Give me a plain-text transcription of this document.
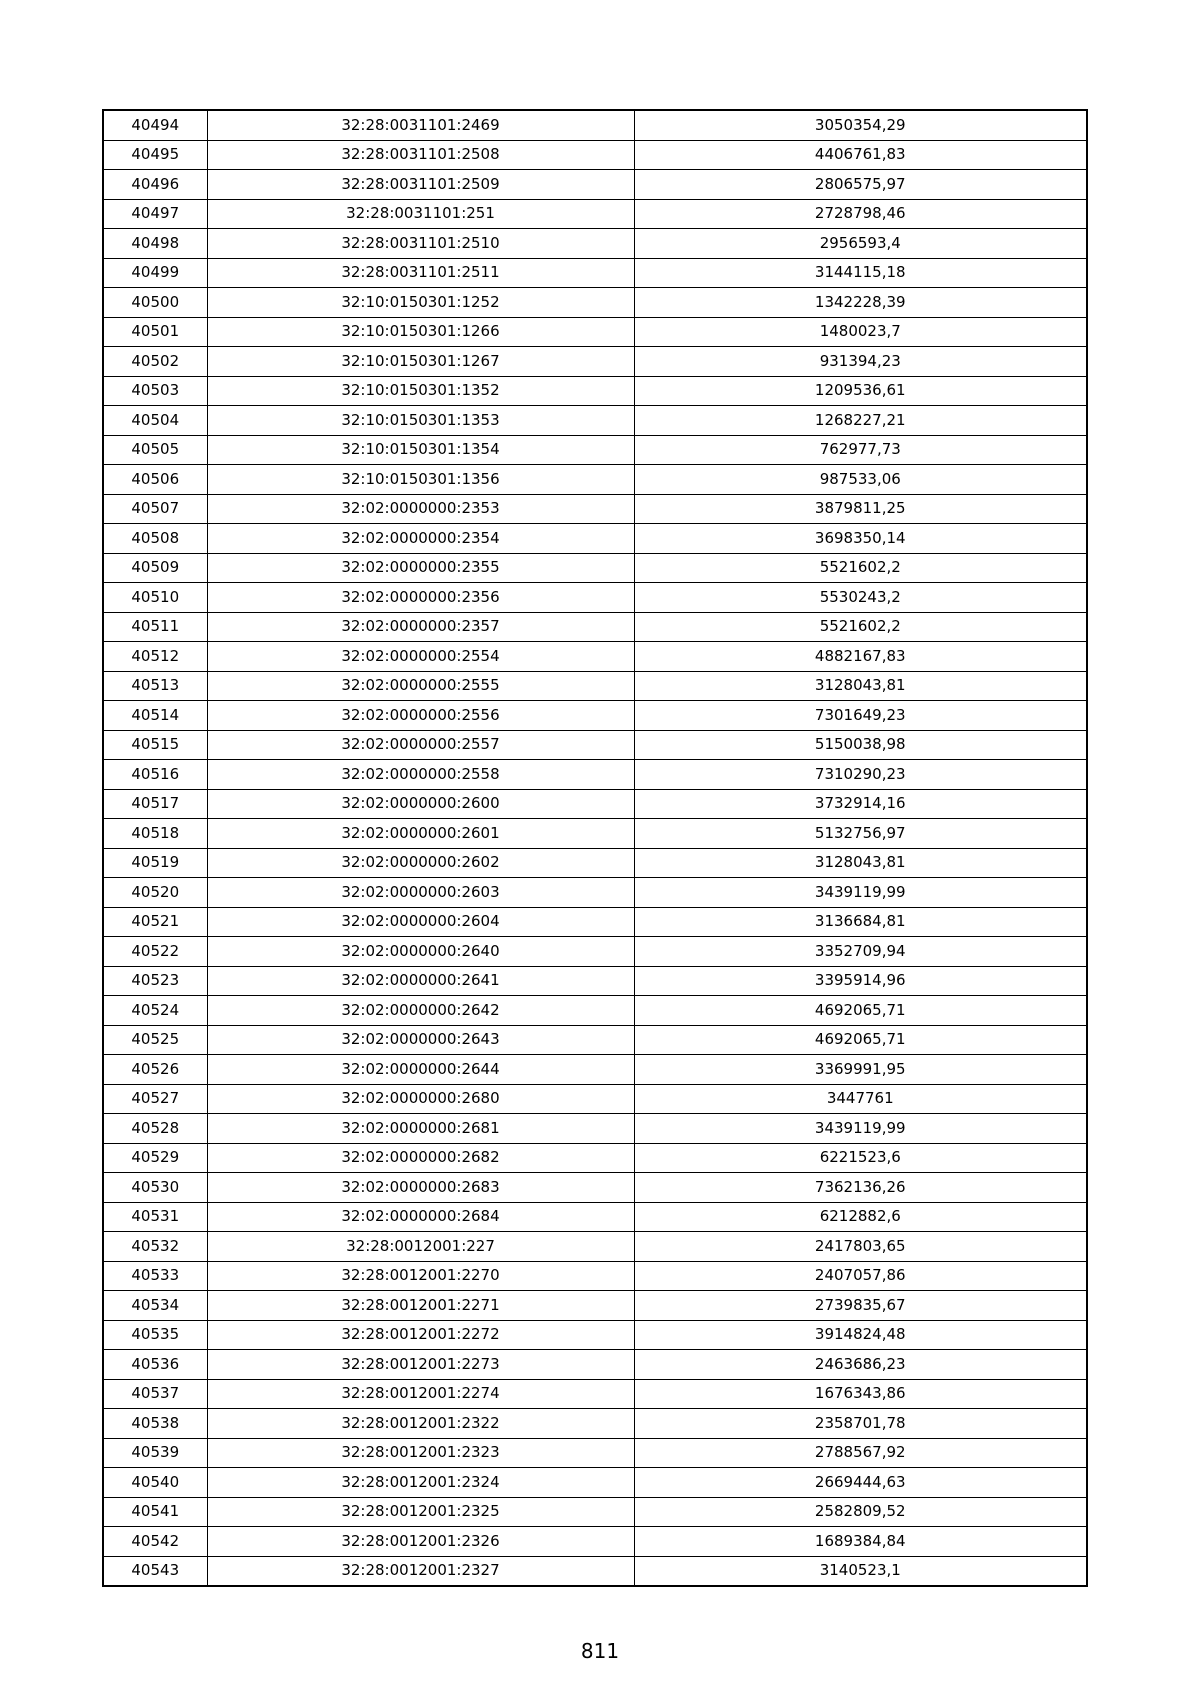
40494	32:28:0031101:2469	3050354,29
40495	32:28:0031101:2508	4406761,83
40496	32:28:0031101:2509	2806575,97
40497	32:28:0031101:251	2728798,46
40498	32:28:0031101:2510	2956593,4
40499	32:28:0031101:2511	3144115,18
40500	32:10:0150301:1252	1342228,39
40501	32:10:0150301:1266	1480023,7
40502	32:10:0150301:1267	931394,23
40503	32:10:0150301:1352	1209536,61
40504	32:10:0150301:1353	1268227,21
40505	32:10:0150301:1354	762977,73
40506	32:10:0150301:1356	987533,06
40507	32:02:0000000:2353	3879811,25
40508	32:02:0000000:2354	3698350,14
40509	32:02:0000000:2355	5521602,2
40510	32:02:0000000:2356	5530243,2
40511	32:02:0000000:2357	5521602,2
40512	32:02:0000000:2554	4882167,83
40513	32:02:0000000:2555	3128043,81
40514	32:02:0000000:2556	7301649,23
40515	32:02:0000000:2557	5150038,98
40516	32:02:0000000:2558	7310290,23
40517	32:02:0000000:2600	3732914,16
40518	32:02:0000000:2601	5132756,97
40519	32:02:0000000:2602	3128043,81
40520	32:02:0000000:2603	3439119,99
40521	32:02:0000000:2604	3136684,81
40522	32:02:0000000:2640	3352709,94
40523	32:02:0000000:2641	3395914,96
40524	32:02:0000000:2642	4692065,71
40525	32:02:0000000:2643	4692065,71
40526	32:02:0000000:2644	3369991,95
40527	32:02:0000000:2680	3447761
40528	32:02:0000000:2681	3439119,99
40529	32:02:0000000:2682	6221523,6
40530	32:02:0000000:2683	7362136,26
40531	32:02:0000000:2684	6212882,6
40532	32:28:0012001:227	2417803,65
40533	32:28:0012001:2270	2407057,86
40534	32:28:0012001:2271	2739835,67
40535	32:28:0012001:2272	3914824,48
40536	32:28:0012001:2273	2463686,23
40537	32:28:0012001:2274	1676343,86
40538	32:28:0012001:2322	2358701,78
40539	32:28:0012001:2323	2788567,92
40540	32:28:0012001:2324	2669444,63
40541	32:28:0012001:2325	2582809,52
40542	32:28:0012001:2326	1689384,84
40543	32:28:0012001:2327	3140523,1
811
